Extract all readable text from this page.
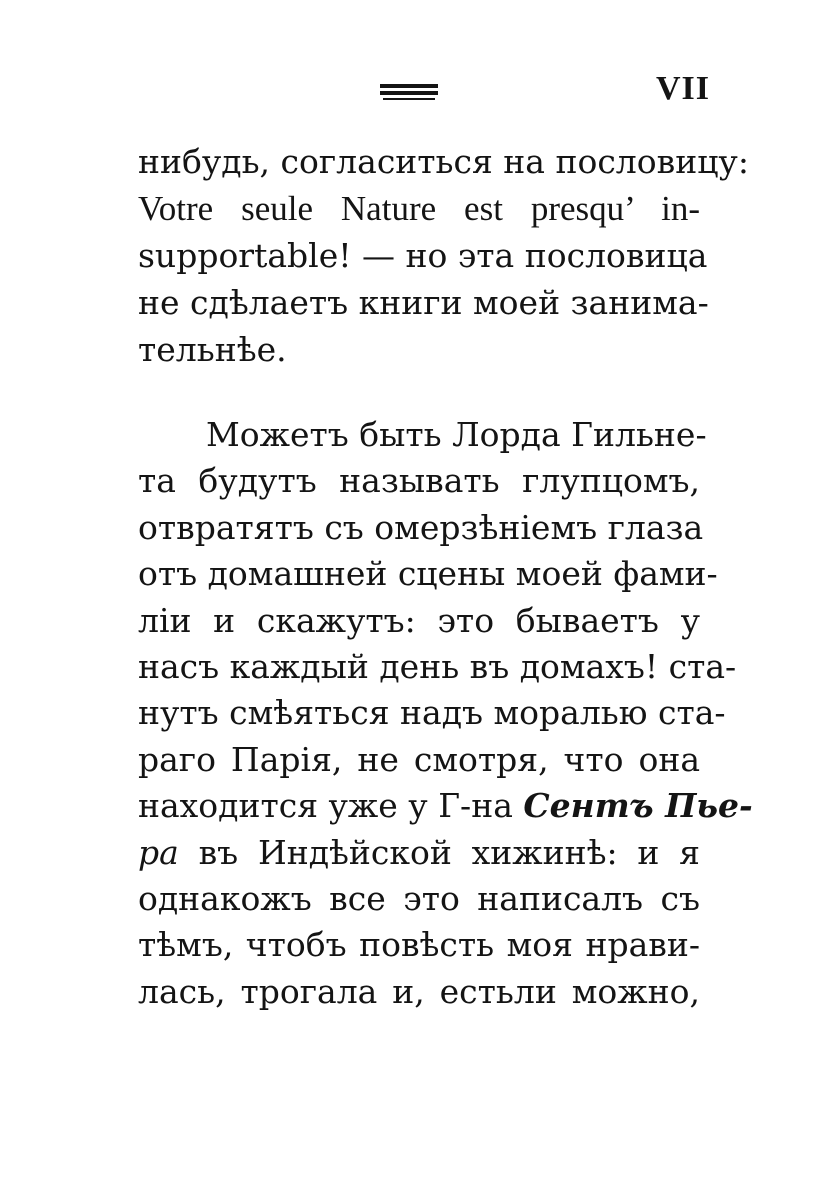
VII
нибудь, согласиться на пословицу:
Votre seule Nature est presqu’ in-
supportable! — но эта пословица
не сдѣлаетъ книги моей занима-
тельнѣе.
Можетъ быть Лорда Гильне-
та будутъ называть глупцомъ,
отвратятъ съ омерзѣніемъ глаза
отъ домашней сцены моей фами-
ліи и скажутъ: это бываетъ у
насъ каждый день въ домахъ! ста-
нутъ смѣяться надъ моралью ста-
раго Парія, не смотря, что она
находится уже у Г-на Сентъ Пье-
ра въ Индѣйской хижинѣ: и я
однакожъ все это написалъ съ
тѣмъ, чтобъ повѣсть моя нрави-
лась, трогала и, естьли можно,
